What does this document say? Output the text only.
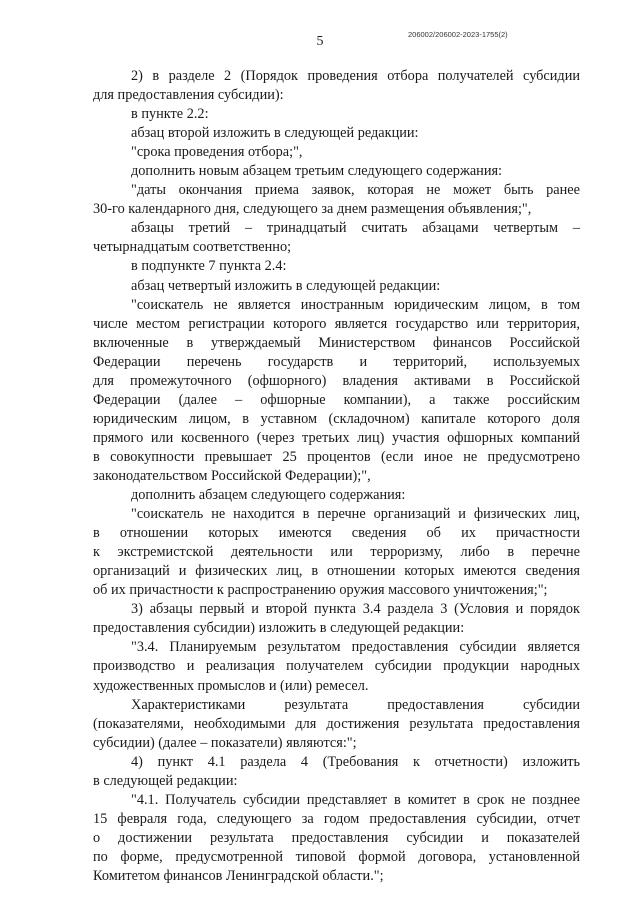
5	206002/206002-2023-1755(2)
2) в разделе 2 (Порядок проведения отбора получателей субсидии
для предоставления субсидии):
в пункте 2.2:
абзац второй изложить в следующей редакции:
"срока проведения отбора;",
дополнить новым абзацем третьим следующего содержания:
"даты окончания приема заявок, которая не может быть ранее
30-го календарного дня, следующего за днем размещения объявления;",
абзацы третий – тринадцатый считать абзацами четвертым –
четырнадцатым соответственно;
в подпункте 7 пункта 2.4:
абзац четвертый изложить в следующей редакции:
"соискатель не является иностранным юридическим лицом, в том
числе местом регистрации которого является государство или территория,
включенные в утверждаемый Министерством финансов Российской
Федерации перечень государств и территорий, используемых
для промежуточного (офшорного) владения активами в Российской
Федерации (далее – офшорные компании), а также российским
юридическим лицом, в уставном (складочном) капитале которого доля
прямого или косвенного (через третьих лиц) участия офшорных компаний
в совокупности превышает 25 процентов (если иное не предусмотрено
законодательством Российской Федерации);",
дополнить абзацем следующего содержания:
"соискатель не находится в перечне организаций и физических лиц,
в отношении которых имеются сведения об их причастности
к экстремистской деятельности или терроризму, либо в перечне
организаций и физических лиц, в отношении которых имеются сведения
об их причастности к распространению оружия массового уничтожения;";
3) абзацы первый и второй пункта 3.4 раздела 3 (Условия и порядок
предоставления субсидии) изложить в следующей редакции:
"3.4. Планируемым результатом предоставления субсидии является
производство и реализация получателем субсидии продукции народных
художественных промыслов и (или) ремесел.
Характеристиками результата предоставления субсидии
(показателями, необходимыми для достижения результата предоставления
субсидии) (далее – показатели) являются:";
4) пункт 4.1 раздела 4 (Требования к отчетности) изложить
в следующей редакции:
"4.1. Получатель субсидии представляет в комитет в срок не позднее
15 февраля года, следующего за годом предоставления субсидии, отчет
о достижении результата предоставления субсидии и показателей
по форме, предусмотренной типовой формой договора, установленной
Комитетом финансов Ленинградской области.";
